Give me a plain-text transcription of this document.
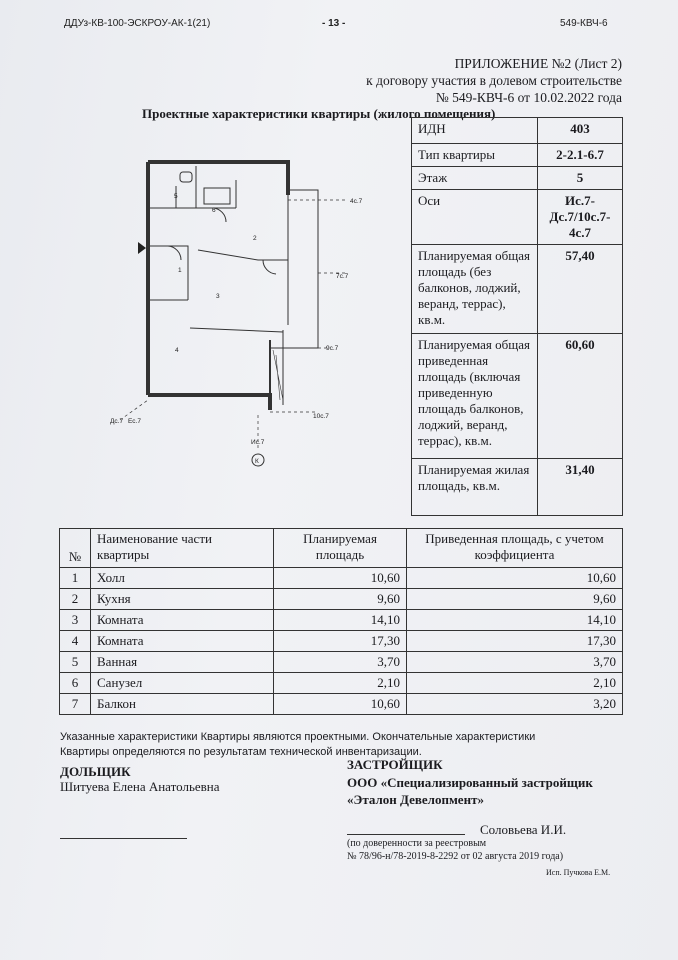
ДДУз-КВ-100-ЭСКРОУ-АК-1(21)	- 13 -	549-КВЧ-6
ПРИЛОЖЕНИЕ №2 (Лист 2)
к договору участия в долевом строительстве
№ 549-КВЧ-6 от 10.02.2022 года
Проектные характеристики квартиры (жилого помещения)
5
6
2
1
3
4
4с.7
7с.7
9с.7
10с.7
Дс.7 Ес.7
Ис.7
К
ИДН	403
Тип квартиры	2-2.1-6.7
Этаж	5
Оси	Ис.7-Дс.7/10с.7-4с.7
Планируемая общая площадь (без балконов, лоджий, веранд, террас), кв.м.	57,40
Планируемая общая приведенная площадь (включая приведенную площадь балконов, лоджий, веранд, террас), кв.м.	60,60
Планируемая жилая площадь, кв.м.	31,40
№	Наименование части квартиры	Планируемая площадь	Приведенная площадь, с учетом коэффициента
1	Холл	10,60	10,60
2	Кухня	9,60	9,60
3	Комната	14,10	14,10
4	Комната	17,30	17,30
5	Ванная	3,70	3,70
6	Санузел	2,10	2,10
7	Балкон	10,60	3,20
Указанные характеристики Квартиры являются проектными. Окончательные характеристики Квартиры определяются по результатам технической инвентаризации.
ДОЛЬЩИК
Шитуева Елена Анатольевна
ЗАСТРОЙЩИК
ООО «Специализированный застройщик
«Эталон Девелопмент»
Соловьева И.И.
(по доверенности за реестровым
№ 78/96-н/78-2019-8-2292 от 02 августа 2019 года)
Исп. Пучкова Е.М.
